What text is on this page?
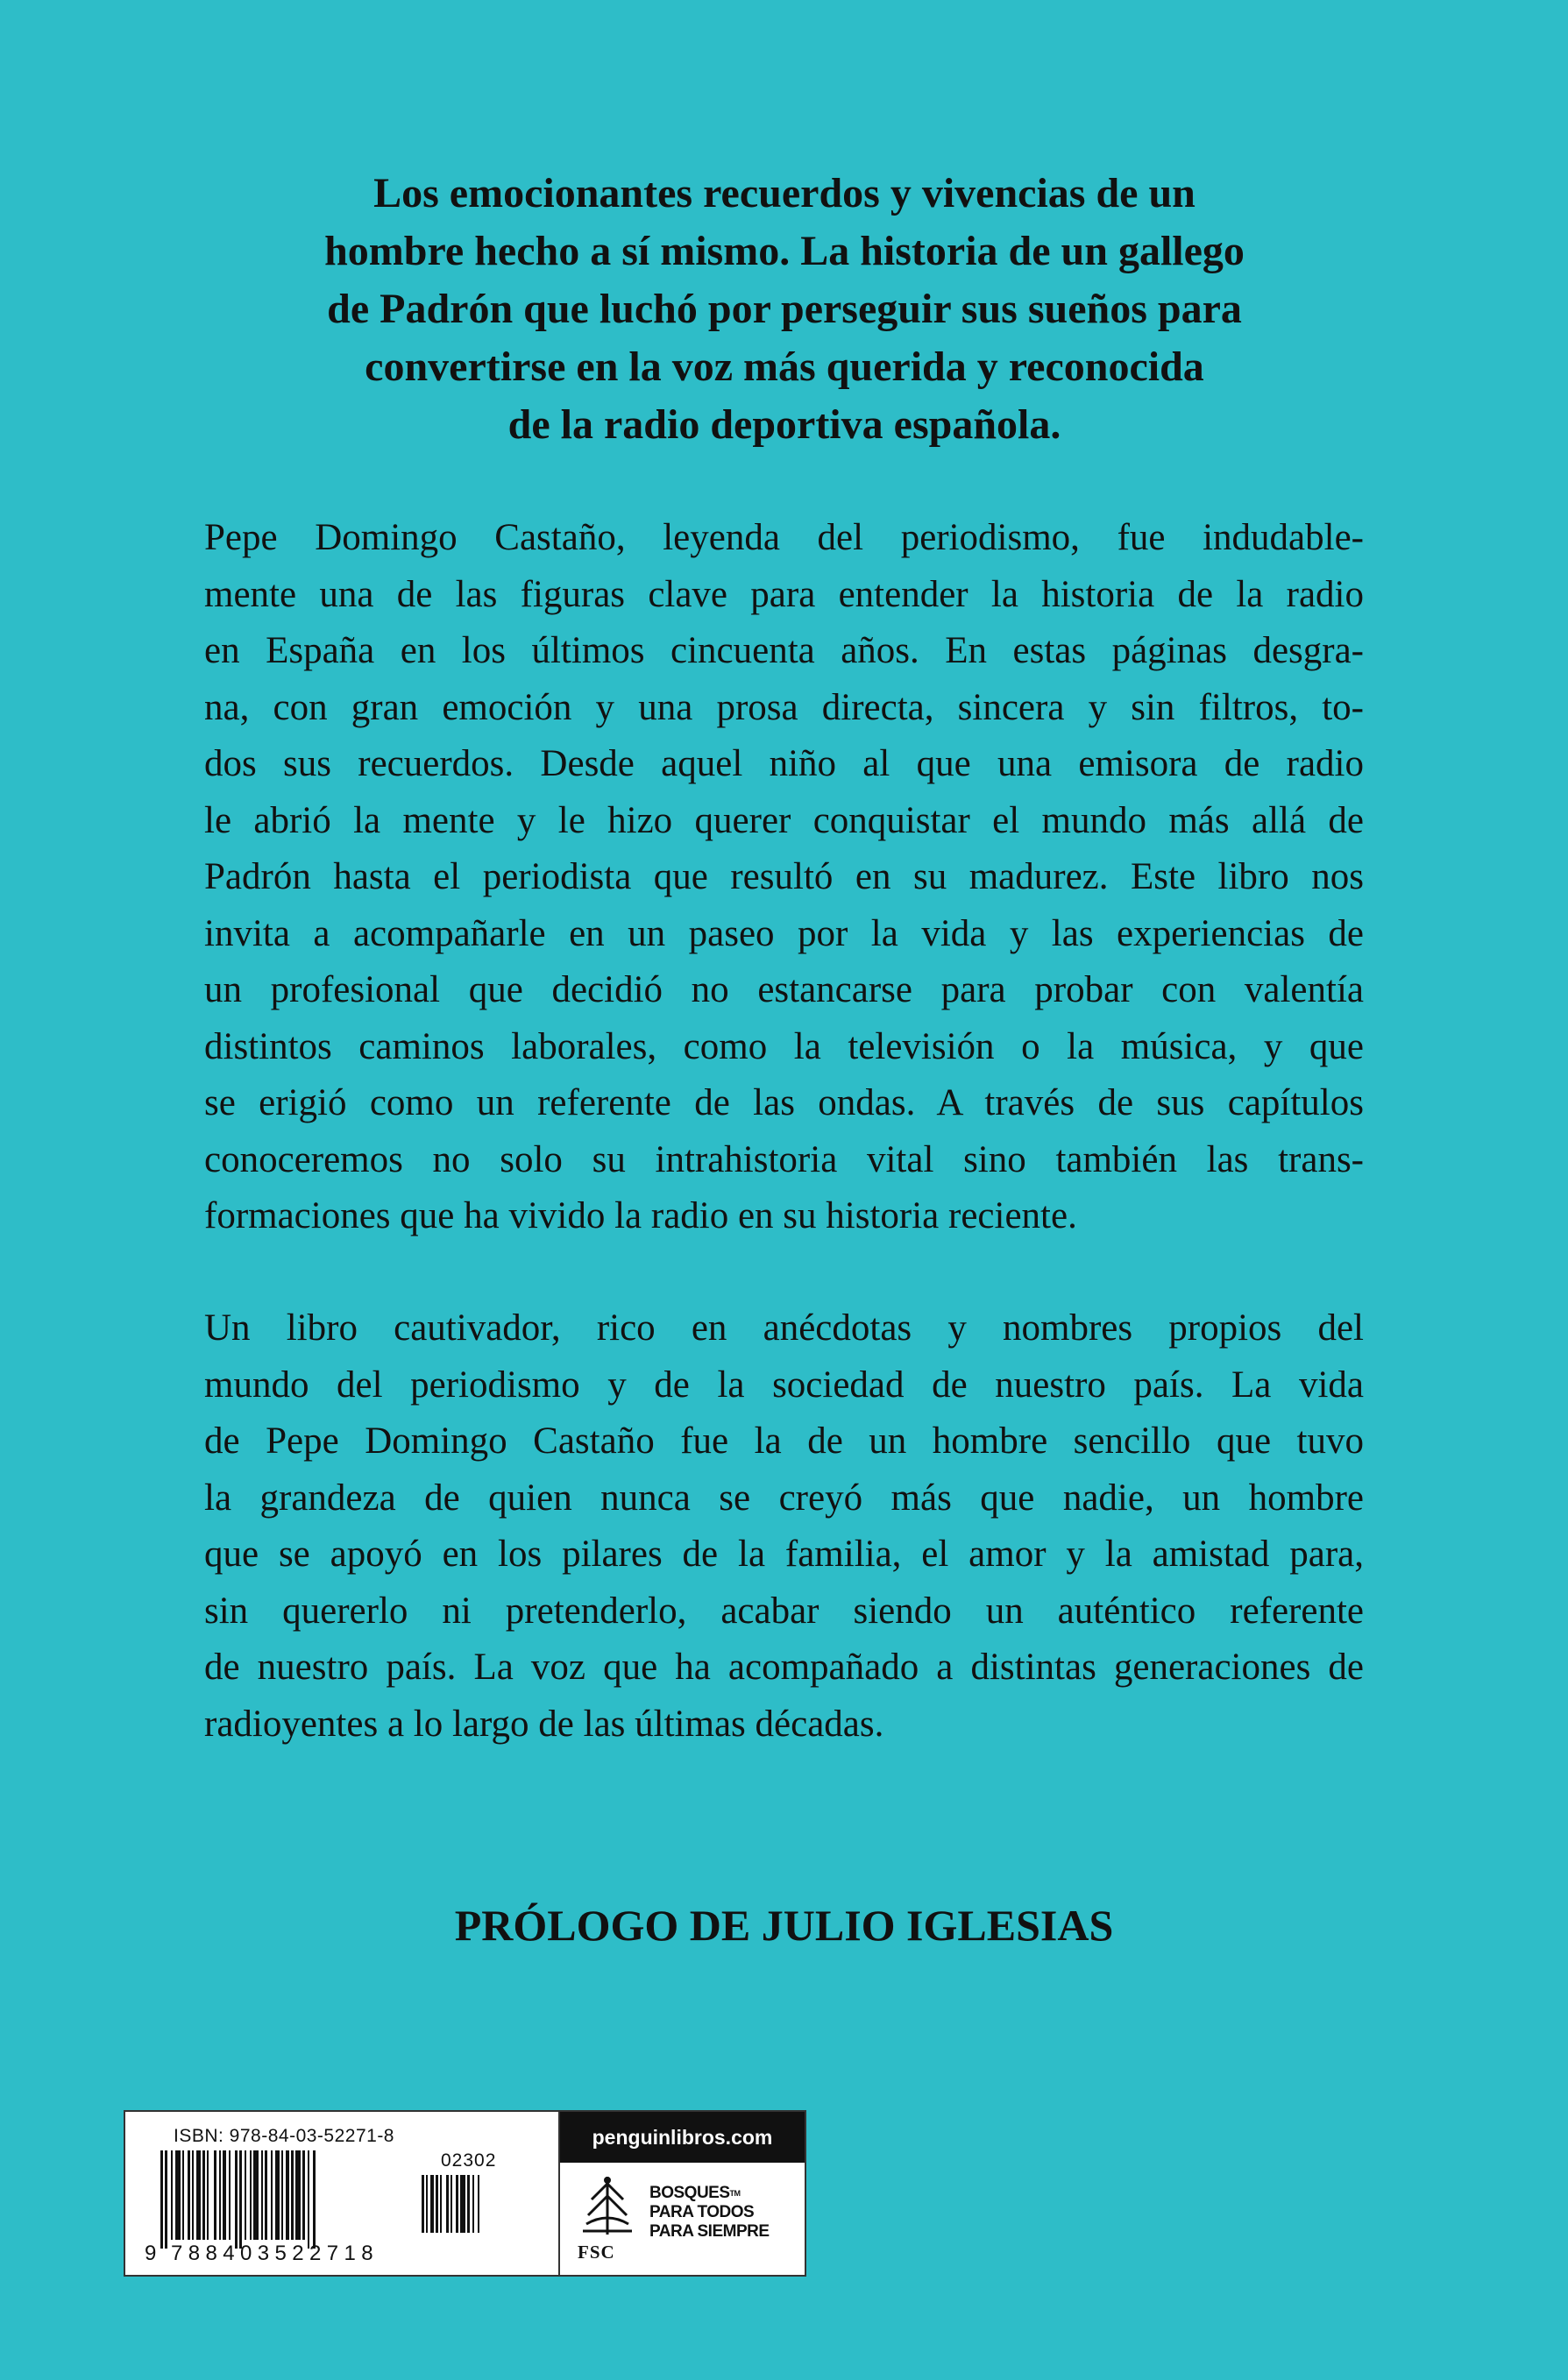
Los emocionantes recuerdos y vivencias de un
hombre hecho a sí mismo. La historia de un gallego
de Padrón que luchó por perseguir sus sueños para
convertirse en la voz más querida y reconocida
de la radio deportiva española.
Pepe Domingo Castaño, leyenda del periodismo, fue indudable-
mente una de las figuras clave para entender la historia de la radio
en España en los últimos cincuenta años. En estas páginas desgra-
na, con gran emoción y una prosa directa, sincera y sin filtros, to-
dos sus recuerdos. Desde aquel niño al que una emisora de radio
le abrió la mente y le hizo querer conquistar el mundo más allá de
Padrón hasta el periodista que resultó en su madurez. Este libro nos
invita a acompañarle en un paseo por la vida y las experiencias de
un profesional que decidió no estancarse para probar con valentía
distintos caminos laborales, como la televisión o la música, y que
se erigió como un referente de las ondas. A través de sus capítulos
conoceremos no solo su intrahistoria vital sino también las trans-
formaciones que ha vivido la radio en su historia reciente.
Un libro cautivador, rico en anécdotas y nombres propios del
mundo del periodismo y de la sociedad de nuestro país. La vida
de Pepe Domingo Castaño fue la de un hombre sencillo que tuvo
la grandeza de quien nunca se creyó más que nadie, un hombre
que se apoyó en los pilares de la familia, el amor y la amistad para,
sin quererlo ni pretenderlo, acabar siendo un auténtico referente
de nuestro país. La voz que ha acompañado a distintas generaciones de
radioyentes a lo largo de las últimas décadas.
PRÓLOGO DE JULIO IGLESIAS
ISBN: 978-84-03-52271-8
02302
9 788403522718
penguinlibros.com
FSC
BOSQUES™
PARA TODOS
PARA SIEMPRE
